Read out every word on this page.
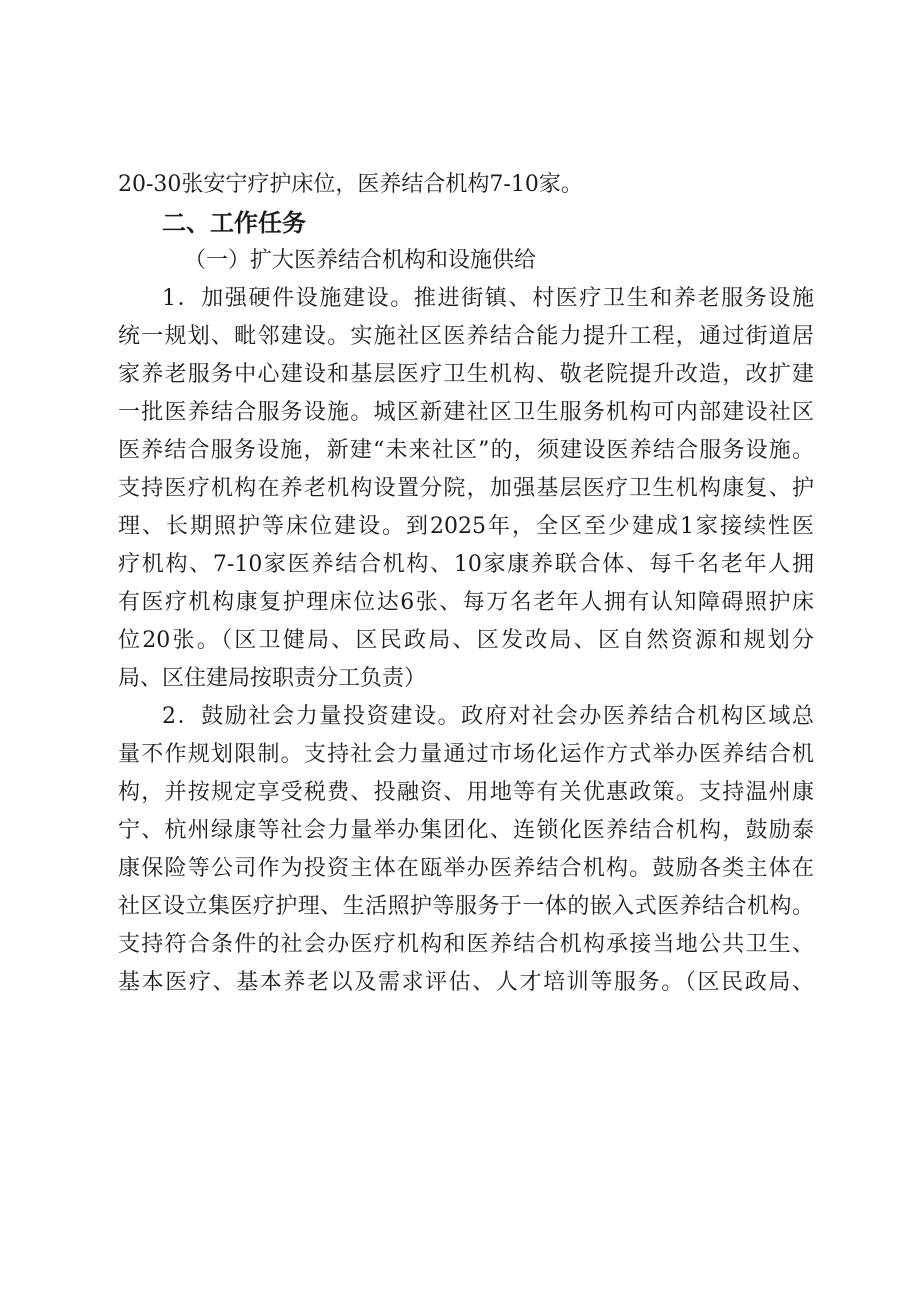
20-30张安宁疗护床位，医养结合机构7-10家。
二、工作任务
（一）扩大医养结合机构和设施供给
1．加强硬件设施建设。推进街镇、村医疗卫生和养老服务设施
统一规划、毗邻建设。实施社区医养结合能力提升工程，通过街道居
家养老服务中心建设和基层医疗卫生机构、敬老院提升改造，改扩建
一批医养结合服务设施。城区新建社区卫生服务机构可内部建设社区
医养结合服务设施，新建“未来社区”的，须建设医养结合服务设施。
支持医疗机构在养老机构设置分院，加强基层医疗卫生机构康复、护
理、长期照护等床位建设。到2025年，全区至少建成1家接续性医
疗机构、7-10家医养结合机构、10家康养联合体、每千名老年人拥
有医疗机构康复护理床位达6张、每万名老年人拥有认知障碍照护床
位20张。（区卫健局、区民政局、区发改局、区自然资源和规划分
局、区住建局按职责分工负责）
2．鼓励社会力量投资建设。政府对社会办医养结合机构区域总
量不作规划限制。支持社会力量通过市场化运作方式举办医养结合机
构，并按规定享受税费、投融资、用地等有关优惠政策。支持温州康
宁、杭州绿康等社会力量举办集团化、连锁化医养结合机构，鼓励泰
康保险等公司作为投资主体在瓯举办医养结合机构。鼓励各类主体在
社区设立集医疗护理、生活照护等服务于一体的嵌入式医养结合机构。
支持符合条件的社会办医疗机构和医养结合机构承接当地公共卫生、
基本医疗、基本养老以及需求评估、人才培训等服务。（区民政局、
